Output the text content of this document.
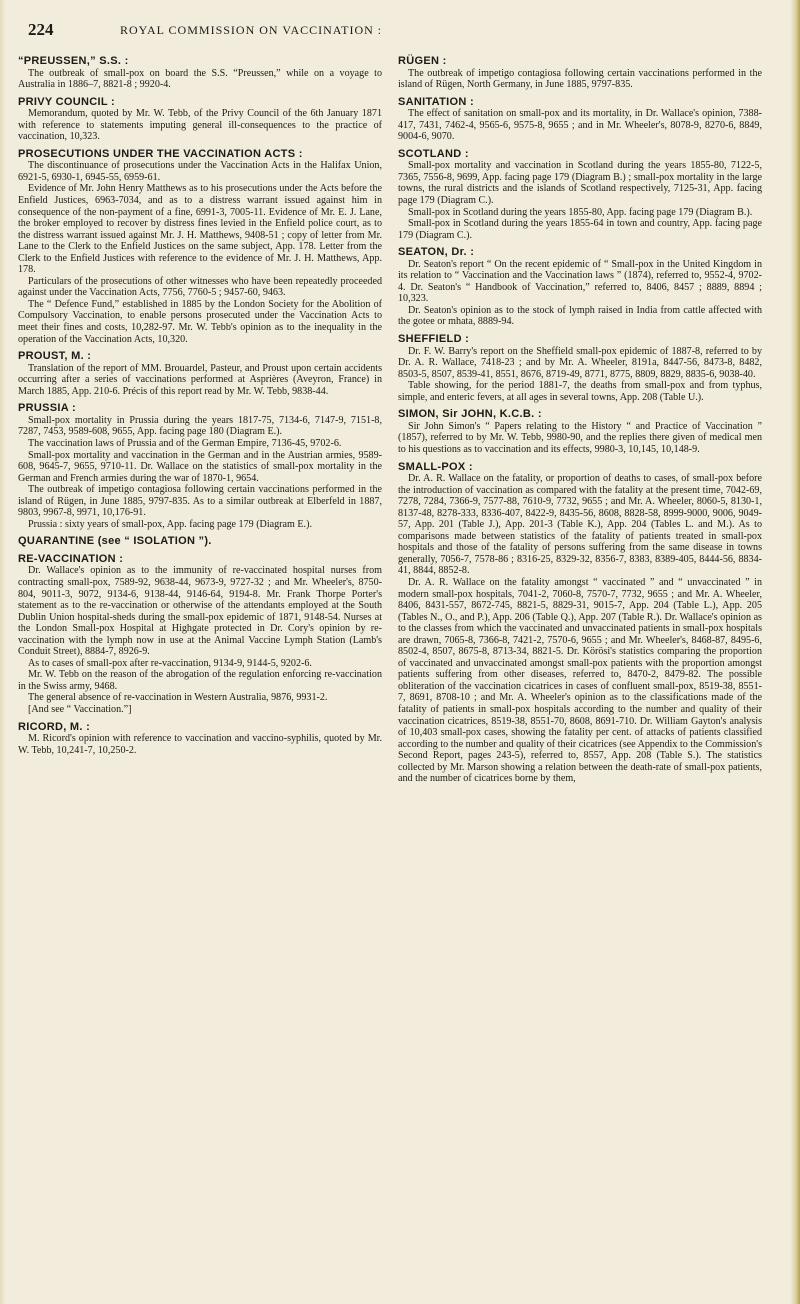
224	ROYAL COMMISSION ON VACCINATION :
“PREUSSEN,” S.S. :

The outbreak of small-pox on board the S.S. “Preussen,” while on a voyage to Australia in 1886–7, 8821-8 ; 9920-4.

PRIVY COUNCIL :

Memorandum, quoted by Mr. W. Tebb, of the Privy Council of the 6th January 1871 with reference to statements imputing general ill-consequences to the practice of vaccination, 10,323.

PROSECUTIONS UNDER THE VACCINATION ACTS :

The discontinuance of prosecutions under the Vaccination Acts in the Halifax Union, 6921-5, 6930-1, 6945-55, 6959-61.

Evidence of Mr. John Henry Matthews as to his prosecutions under the Acts before the Enfield Justices, 6963-7034, and as to a distress warrant issued against him in consequence of the non-payment of a fine, 6991-3, 7005-11. Evidence of Mr. E. J. Lane, the broker employed to recover by distress fines levied in the Enfield police court, as to the distress warrant issued against Mr. J. H. Matthews, 9408-51 ; copy of letter from Mr. Lane to the Clerk to the Enfield Justices on the same subject, App. 178. Letter from the Clerk to the Enfield Justices with reference to the evidence of Mr. J. H. Matthews, App. 178.

Particulars of the prosecutions of other witnesses who have been repeatedly proceeded against under the Vaccination Acts, 7756, 7760-5 ; 9457-60, 9463.

The “ Defence Fund,” established in 1885 by the London Society for the Abolition of Compulsory Vaccination, to enable persons prosecuted under the Vaccination Acts to meet their fines and costs, 10,282-97. Mr. W. Tebb's opinion as to the inequality in the operation of the Vaccination Acts, 10,320.

PROUST, M. :

Translation of the report of MM. Brouardel, Pasteur, and Proust upon certain accidents occurring after a series of vaccinations performed at Asprières (Aveyron, France) in March 1885, App. 210-6. Précis of this report read by Mr. W. Tebb, 9838-44.

PRUSSIA :

Small-pox mortality in Prussia during the years 1817-75, 7134-6, 7147-9, 7151-8, 7287, 7453, 9589-608, 9655, App. facing page 180 (Diagram E.).

The vaccination laws of Prussia and of the German Empire, 7136-45, 9702-6.

Small-pox mortality and vaccination in the German and in the Austrian armies, 9589-608, 9645-7, 9655, 9710-11. Dr. Wallace on the statistics of small-pox mortality in the German and French armies during the war of 1870-1, 9654.

The outbreak of impetigo contagiosa following certain vaccinations performed in the island of Rügen, in June 1885, 9797-835. As to a similar outbreak at Elberfeld in 1887, 9803, 9967-8, 9971, 10,176-91.

Prussia : sixty years of small-pox, App. facing page 179 (Diagram E.).

QUARANTINE (see “ ISOLATION ”).
RE-VACCINATION :

Dr. Wallace's opinion as to the immunity of re-vaccinated hospital nurses from contracting small-pox, 7589-92, 9638-44, 9673-9, 9727-32 ; and Mr. Wheeler's, 8750-804, 9011-3, 9072, 9134-6, 9138-44, 9146-64, 9194-8. Mr. Frank Thorpe Porter's statement as to the re-vaccination or otherwise of the attendants employed at the South Dublin Union hospital-sheds during the small-pox epidemic of 1871, 9148-54. Nurses at the London Small-pox Hospital at Highgate protected in Dr. Cory's opinion by re-vaccination with the lymph now in use at the Animal Vaccine Lymph Station (Lamb's Conduit Street), 8884-7, 8926-9.

As to cases of small-pox after re-vaccination, 9134-9, 9144-5, 9202-6.

Mr. W. Tebb on the reason of the abrogation of the regulation enforcing re-vaccination in the Swiss army, 9468.

The general absence of re-vaccination in Western Australia, 9876, 9931-2.

[And see “ Vaccination.”]

RICORD, M. :

M. Ricord's opinion with reference to vaccination and vaccino-syphilis, quoted by Mr. W. Tebb, 10,241-7, 10,250-2.

RÜGEN :

The outbreak of impetigo contagiosa following certain vaccinations performed in the island of Rügen, North Germany, in June 1885, 9797-835.

SANITATION :

The effect of sanitation on small-pox and its mortality, in Dr. Wallace's opinion, 7388-417, 7431, 7462-4, 9565-6, 9575-8, 9655 ; and in Mr. Wheeler's, 8078-9, 8270-6, 8849, 9004-6, 9070.

SCOTLAND :

Small-pox mortality and vaccination in Scotland during the years 1855-80, 7122-5, 7365, 7556-8, 9699, App. facing page 179 (Diagram B.) ; small-pox mortality in the large towns, the rural districts and the islands of Scotland respectively, 7125-31, App. facing page 179 (Diagram C.).

Small-pox in Scotland during the years 1855-80, App. facing page 179 (Diagram B.).

Small-pox in Scotland during the years 1855-64 in town and country, App. facing page 179 (Diagram C.).

SEATON, Dr. :

Dr. Seaton's report “ On the recent epidemic of “ Small-pox in the United Kingdom in its relation to “ Vaccination and the Vaccination laws ” (1874), referred to, 9552-4, 9702-4. Dr. Seaton's “ Handbook of Vaccination,” referred to, 8406, 8457 ; 8889, 8894 ; 10,323.

Dr. Seaton's opinion as to the stock of lymph raised in India from cattle affected with the gotee or mhata, 8889-94.

SHEFFIELD :

Dr. F. W. Barry's report on the Sheffield small-pox epidemic of 1887-8, referred to by Dr. A. R. Wallace, 7418-23 ; and by Mr. A. Wheeler, 8191a, 8447-56, 8473-8, 8482, 8503-5, 8507, 8539-41, 8551, 8676, 8719-49, 8771, 8775, 8809, 8829, 8835-6, 9038-40.

Table showing, for the period 1881-7, the deaths from small-pox and from typhus, simple, and enteric fevers, at all ages in several towns, App. 208 (Table U.).

SIMON, Sir JOHN, K.C.B. :

Sir John Simon's “ Papers relating to the History “ and Practice of Vaccination ” (1857), referred to by Mr. W. Tebb, 9980-90, and the replies there given of medical men to his questions as to vaccination and its effects, 9980-3, 10,145, 10,148-9.

SMALL-POX :

Dr. A. R. Wallace on the fatality, or proportion of deaths to cases, of small-pox before the introduction of vaccination as compared with the fatality at the present time, 7042-69, 7278, 7284, 7366-9, 7577-88, 7610-9, 7732, 9655 ; and Mr. A. Wheeler, 8060-5, 8130-1, 8137-48, 8278-333, 8336-407, 8422-9, 8435-56, 8608, 8828-58, 8999-9000, 9006, 9049-57, App. 201 (Table J.), App. 201-3 (Table K.), App. 204 (Tables L. and M.). As to comparisons made between statistics of the fatality of patients treated in small-pox hospitals and those of the fatality of persons suffering from the same disease in towns generally, 7056-7, 7578-86 ; 8316-25, 8329-32, 8356-7, 8383, 8389-405, 8444-56, 8834-41, 8844, 8852-8.

Dr. A. R. Wallace on the fatality amongst “ vaccinated ” and “ unvaccinated ” in modern small-pox hospitals, 7041-2, 7060-8, 7570-7, 7732, 9655 ; and Mr. A. Wheeler, 8406, 8431-557, 8672-745, 8821-5, 8829-31, 9015-7, App. 204 (Table L.), App. 205 (Tables N., O., and P.), App. 206 (Table Q.), App. 207 (Table R.). Dr. Wallace's opinion as to the classes from which the vaccinated and unvaccinated patients in small-pox hospitals are drawn, 7065-8, 7366-8, 7421-2, 7570-6, 9655 ; and Mr. Wheeler's, 8468-87, 8495-6, 8502-4, 8507, 8675-8, 8713-34, 8821-5. Dr. Körösi's statistics comparing the proportion of vaccinated and unvaccinated amongst small-pox patients with the proportion amongst patients suffering from other diseases, referred to, 8470-2, 8479-82. The possible obliteration of the vaccination cicatrices in cases of confluent small-pox, 8519-38, 8551-7, 8691, 8708-10 ; and Mr. A. Wheeler's opinion as to the classifications made of the fatality of patients in small-pox hospitals according to the number and quality of their vaccination cicatrices, 8519-38, 8551-70, 8608, 8691-710. Dr. William Gayton's analysis of 10,403 small-pox cases, showing the fatality per cent. of attacks of patients classified according to the number and quality of their cicatrices (see Appendix to the Commission's Second Report, pages 243-5), referred to, 8557, App. 208 (Table S.). The statistics collected by Mr. Marson showing a relation between the death-rate of small-pox patients, and the number of cicatrices borne by them,
